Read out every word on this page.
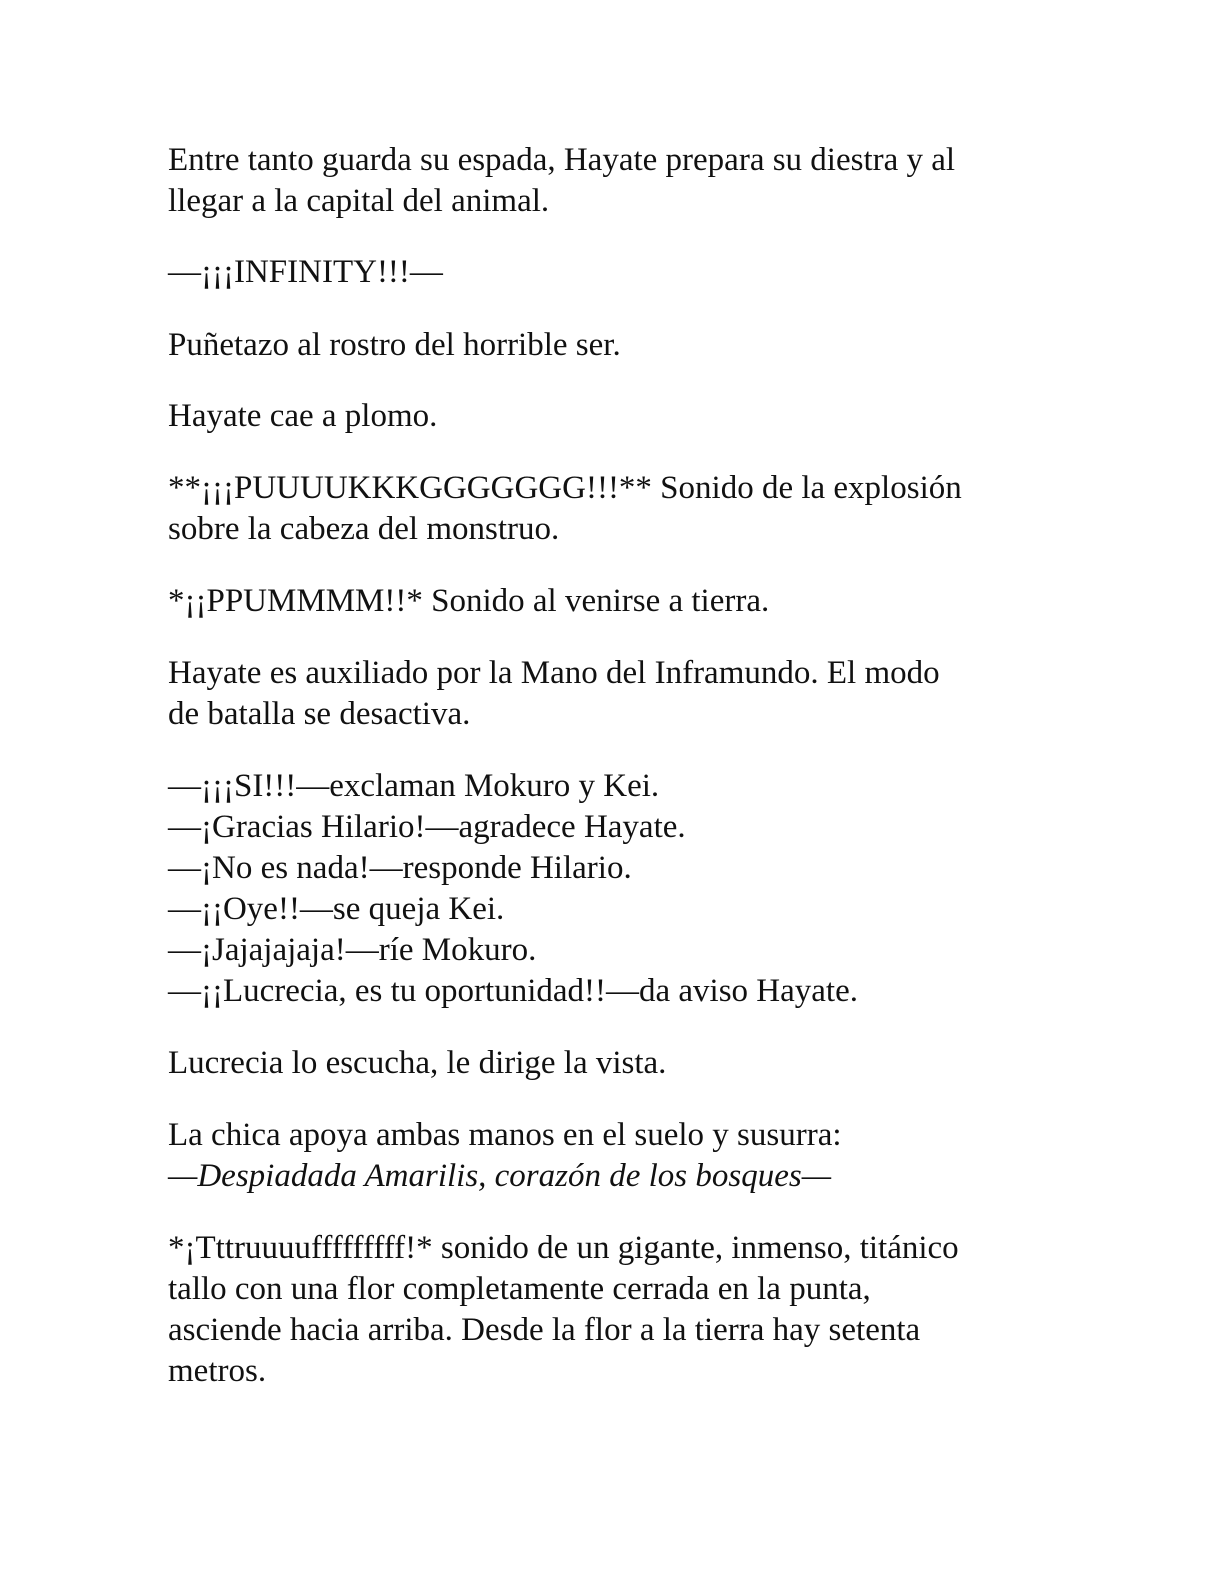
Entre tanto guarda su espada, Hayate prepara su diestra y al
llegar a la capital del animal.

—¡¡¡INFINITY!!!—

Puñetazo al rostro del horrible ser.

Hayate cae a plomo.

**¡¡¡PUUUUKKKGGGGGGG!!!** Sonido de la explosión
sobre la cabeza del monstruo.

*¡¡PPUMMMM!!* Sonido al venirse a tierra.

Hayate es auxiliado por la Mano del Inframundo. El modo
de batalla se desactiva.

—¡¡¡SI!!!—exclaman Mokuro y Kei.
—¡Gracias Hilario!—agradece Hayate.
—¡No es nada!—responde Hilario.
—¡¡Oye!!—se queja Kei.
—¡Jajajajaja!—ríe Mokuro.
—¡¡Lucrecia, es tu oportunidad!!—da aviso Hayate.

Lucrecia lo escucha, le dirige la vista.

La chica apoya ambas manos en el suelo y susurra:
—Despiadada Amarilis, corazón de los bosques—

*¡Tttruuuufffffffff!* sonido de un gigante, inmenso, titánico
tallo con una flor completamente cerrada en la punta,
asciende hacia arriba. Desde la flor a la tierra hay setenta
metros.
